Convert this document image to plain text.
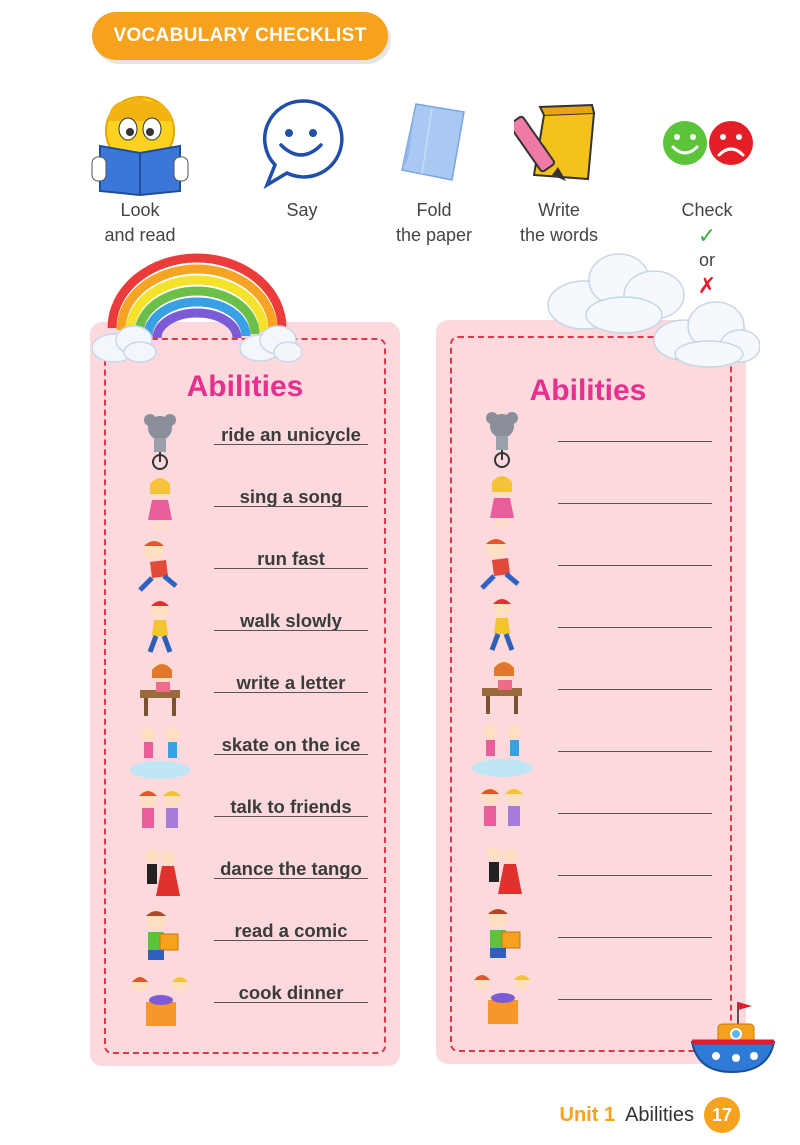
VOCABULARY CHECKLIST
Look
and read
Say	Fold
the paper
Write
the words
Check
✓
or
✗
Abilities
ride an unicycle
sing a song
run fast
walk slowly
write a letter
skate on the ice
talk to friends
dance the tango
read a comic
cook dinner
Abilities
Unit 1 Abilities 17
